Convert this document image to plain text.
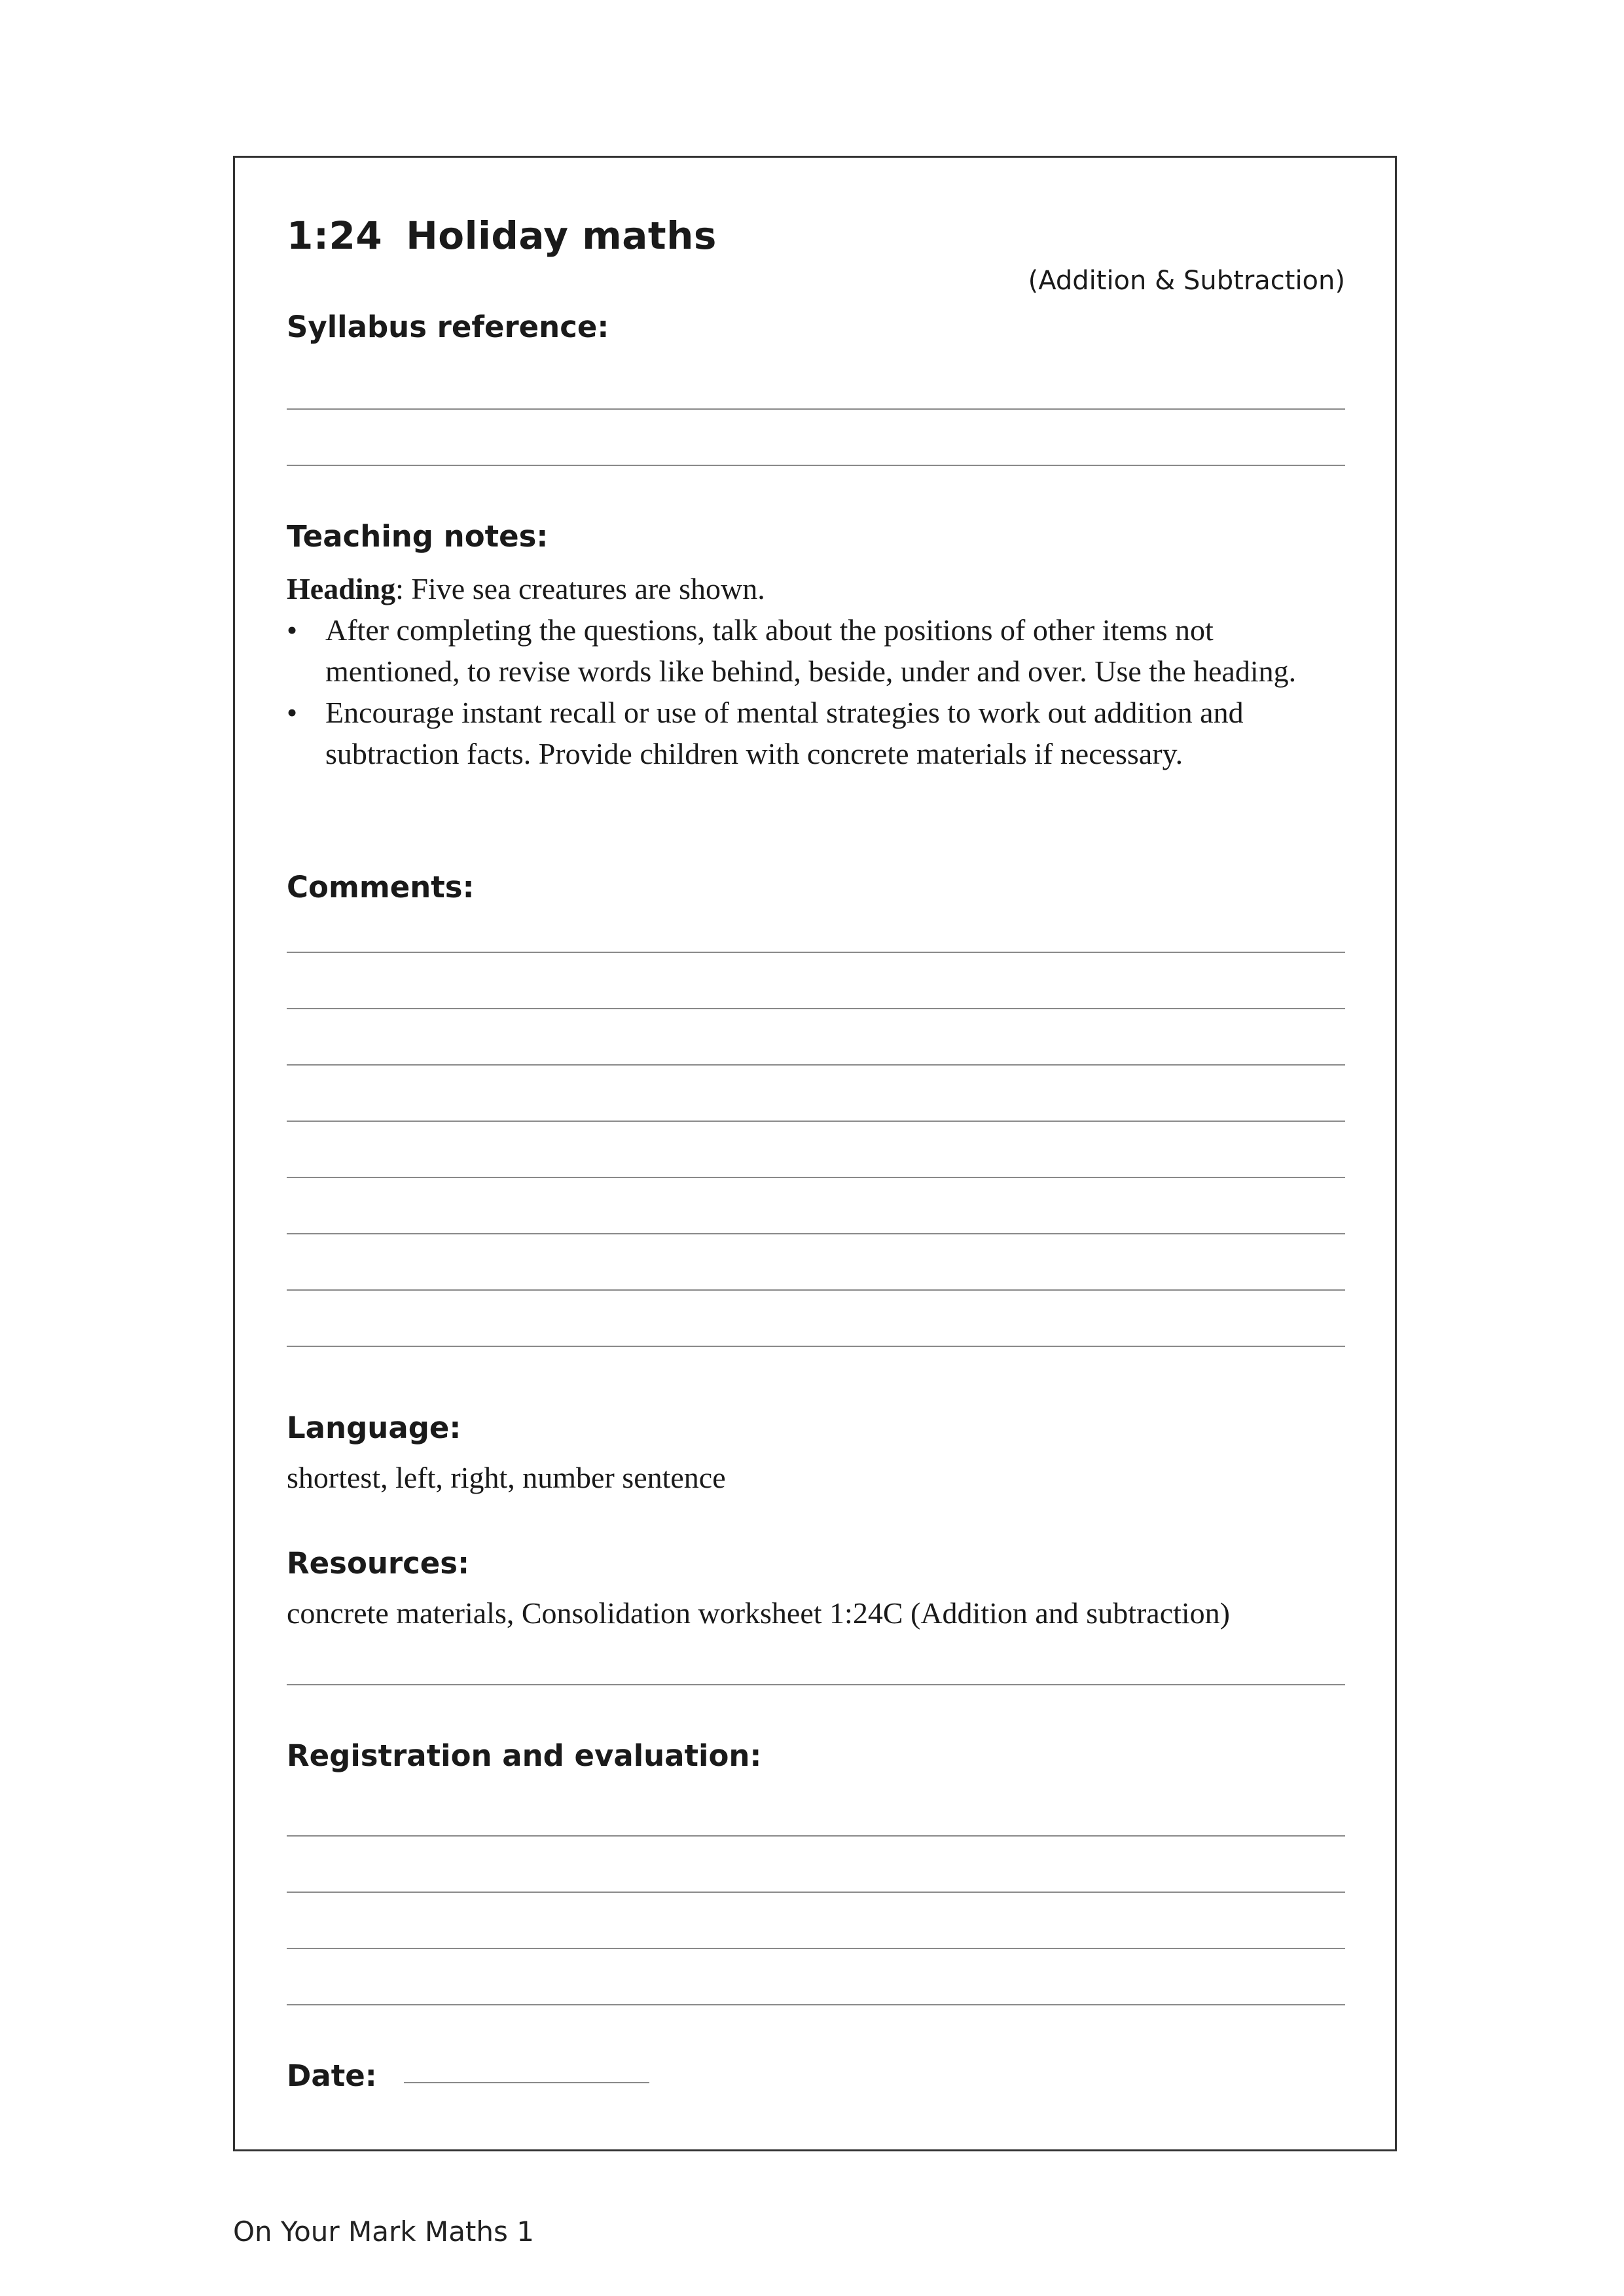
1:24 Holiday maths
(Addition & Subtraction)
Syllabus reference:
Teaching notes:

Heading: Five sea creatures are shown.

• After completing the questions, talk about the positions of other items not mentioned, to revise words like behind, beside, under and over. Use the heading.
• Encourage instant recall or use of mental strategies to work out addition and subtraction facts. Provide children with concrete materials if necessary.
Comments:
Language:
shortest, left, right, number sentence
Resources:
concrete materials, Consolidation worksheet 1:24C (Addition and subtraction)
Registration and evaluation:
Date:
On Your Mark Maths 1
